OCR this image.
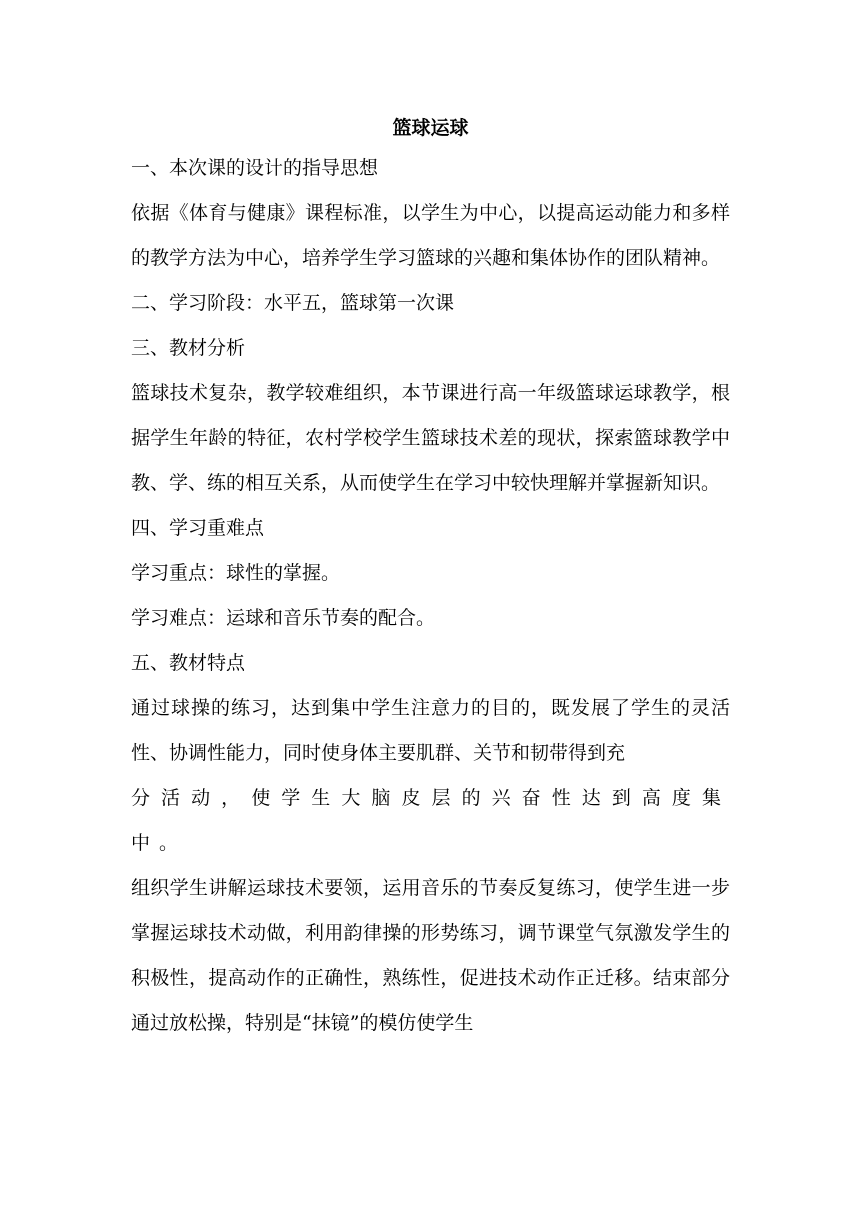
篮球运球

一、本次课的设计的指导思想

依据《体育与健康》课程标准，以学生为中心，以提高运动能力和多样的教学方法为中心，培养学生学习篮球的兴趣和集体协作的团队精神。

二、学习阶段：水平五，篮球第一次课

三、教材分析

篮球技术复杂，教学较难组织，本节课进行高一年级篮球运球教学，根据学生年龄的特征，农村学校学生篮球技术差的现状，探索篮球教学中教、学、练的相互关系，从而使学生在学习中较快理解并掌握新知识。

四、学习重难点

学习重点：球性的掌握。

学习难点：运球和音乐节奏的配合。

五、教材特点

通过球操的练习，达到集中学生注意力的目的，既发展了学生的灵活性、协调性能力，同时使身体主要肌群、关节和韧带得到充

分活动，使学生大脑皮层的兴奋性达到高度集中。

组织学生讲解运球技术要领，运用音乐的节奏反复练习，使学生进一步掌握运球技术动做，利用韵律操的形势练习，调节课堂气氛激发学生的积极性，提高动作的正确性，熟练性，促进技术动作正迁移。结束部分通过放松操，特别是“抹镜”的模仿使学生
